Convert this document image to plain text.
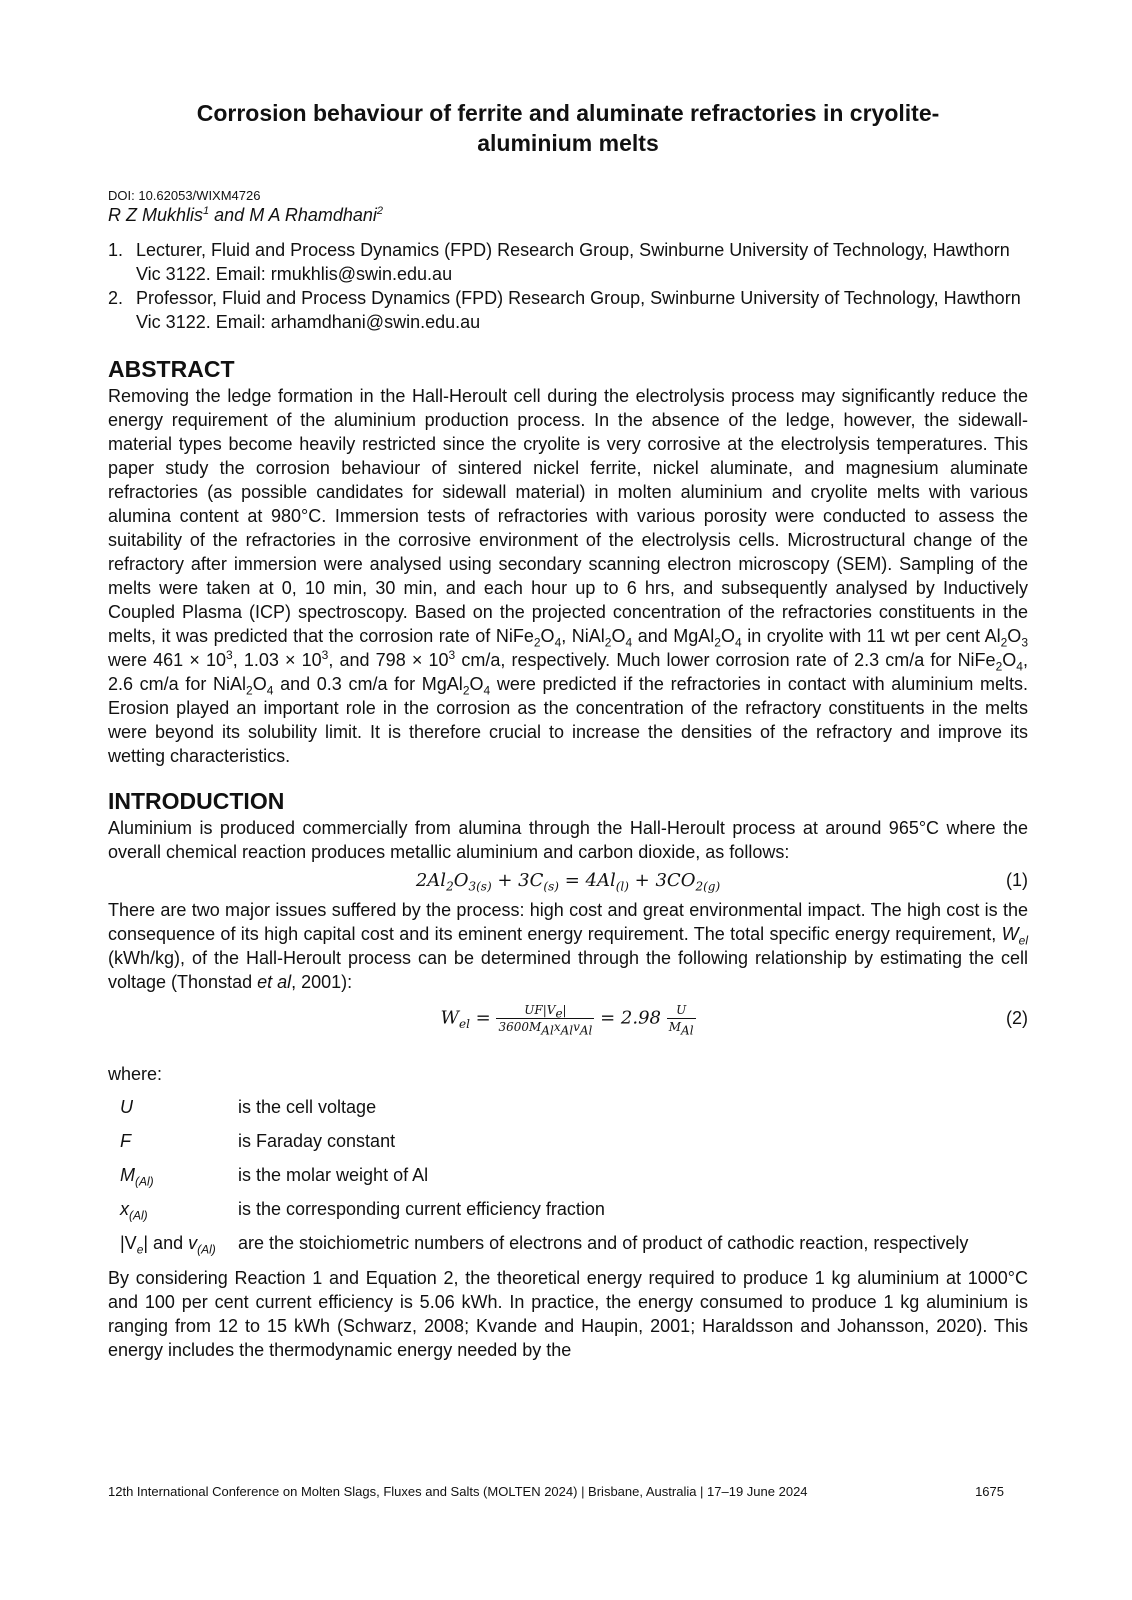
Corrosion behaviour of ferrite and aluminate refractories in cryolite-
aluminium melts
DOI: 10.62053/WIXM4726
R Z Mukhlis$^1$ and M A Rhamdhani$^2$
1. Lecturer, Fluid and Process Dynamics (FPD) Research Group, Swinburne University of Technology, Hawthorn Vic 3122. Email: rmukhlis@swin.edu.au
2. Professor, Fluid and Process Dynamics (FPD) Research Group, Swinburne University of Technology, Hawthorn Vic 3122. Email: arhamdhani@swin.edu.au
ABSTRACT

Removing the ledge formation in the Hall-Heroult cell during the electrolysis process may significantly reduce the energy requirement of the aluminium production process. In the absence of the ledge, however, the sidewall-material types become heavily restricted since the cryolite is very corrosive at the electrolysis temperatures. This paper study the corrosion behaviour of sintered nickel ferrite, nickel aluminate, and magnesium aluminate refractories (as possible candidates for sidewall material) in molten aluminium and cryolite melts with various alumina content at 980°C. Immersion tests of refractories with various porosity were conducted to assess the suitability of the refractories in the corrosive environment of the electrolysis cells. Microstructural change of the refractory after immersion were analysed using secondary scanning electron microscopy (SEM). Sampling of the melts were taken at 0, 10 min, 30 min, and each hour up to 6 hrs, and subsequently analysed by Inductively Coupled Plasma (ICP) spectroscopy. Based on the projected concentration of the refractories constituents in the melts, it was predicted that the corrosion rate of $NiFe_2O_4$, $NiAl_2O_4$ and $MgAl_2O_4$ in cryolite with 11 wt per cent $Al_2O_3$ were $461 \times 10^3$, $1.03 \times 10^3$, and $798 \times 10^3$ cm/a, respectively. Much lower corrosion rate of 2.3 cm/a for $NiFe_2O_4$, 2.6 cm/a for $NiAl_2O_4$ and 0.3 cm/a for $MgAl_2O_4$ were predicted if the refractories in contact with aluminium melts. Erosion played an important role in the corrosion as the concentration of the refractory constituents in the melts were beyond its solubility limit. It is therefore crucial to increase the densities of the refractory and improve its wetting characteristics.

INTRODUCTION

Aluminium is produced commercially from alumina through the Hall-Heroult process at around 965°C where the overall chemical reaction produces metallic aluminium and carbon dioxide, as follows:

$2Al_2O_{3(s)} + 3C_{(s)} = 4Al_{(l)} + 3CO_{2(g)}$	(1)

There are two major issues suffered by the process: high cost and great environmental impact. The high cost is the consequence of its high capital cost and its eminent energy requirement. The total specific energy requirement, $W_{el}$ (kWh/kg), of the Hall-Heroult process can be determined through the following relationship by estimating the cell voltage (Thonstad et al, 2001):

$W_{el} = \frac{UF|V_e|}{3600M_{Al}x_{Al}v_{Al}} = 2.98 \frac{U}{M_{Al}}$	(2)
where:
U	is the cell voltage
F	is Faraday constant
$M_{(Al)}$	is the molar weight of Al
$x_{(Al)}$	is the corresponding current efficiency fraction
$|V_e|$ and $v_{(Al)}$	are the stoichiometric numbers of electrons and of product of cathodic reaction, respectively

By considering Reaction 1 and Equation 2, the theoretical energy required to produce 1 kg aluminium at 1000°C and 100 per cent current efficiency is 5.06 kWh. In practice, the energy consumed to produce 1 kg aluminium is ranging from 12 to 15 kWh (Schwarz, 2008; Kvande and Haupin, 2001; Haraldsson and Johansson, 2020). This energy includes the thermodynamic energy needed by the

12th International Conference on Molten Slags, Fluxes and Salts (MOLTEN 2024) | Brisbane, Australia | 17–19 June 2024	1675
